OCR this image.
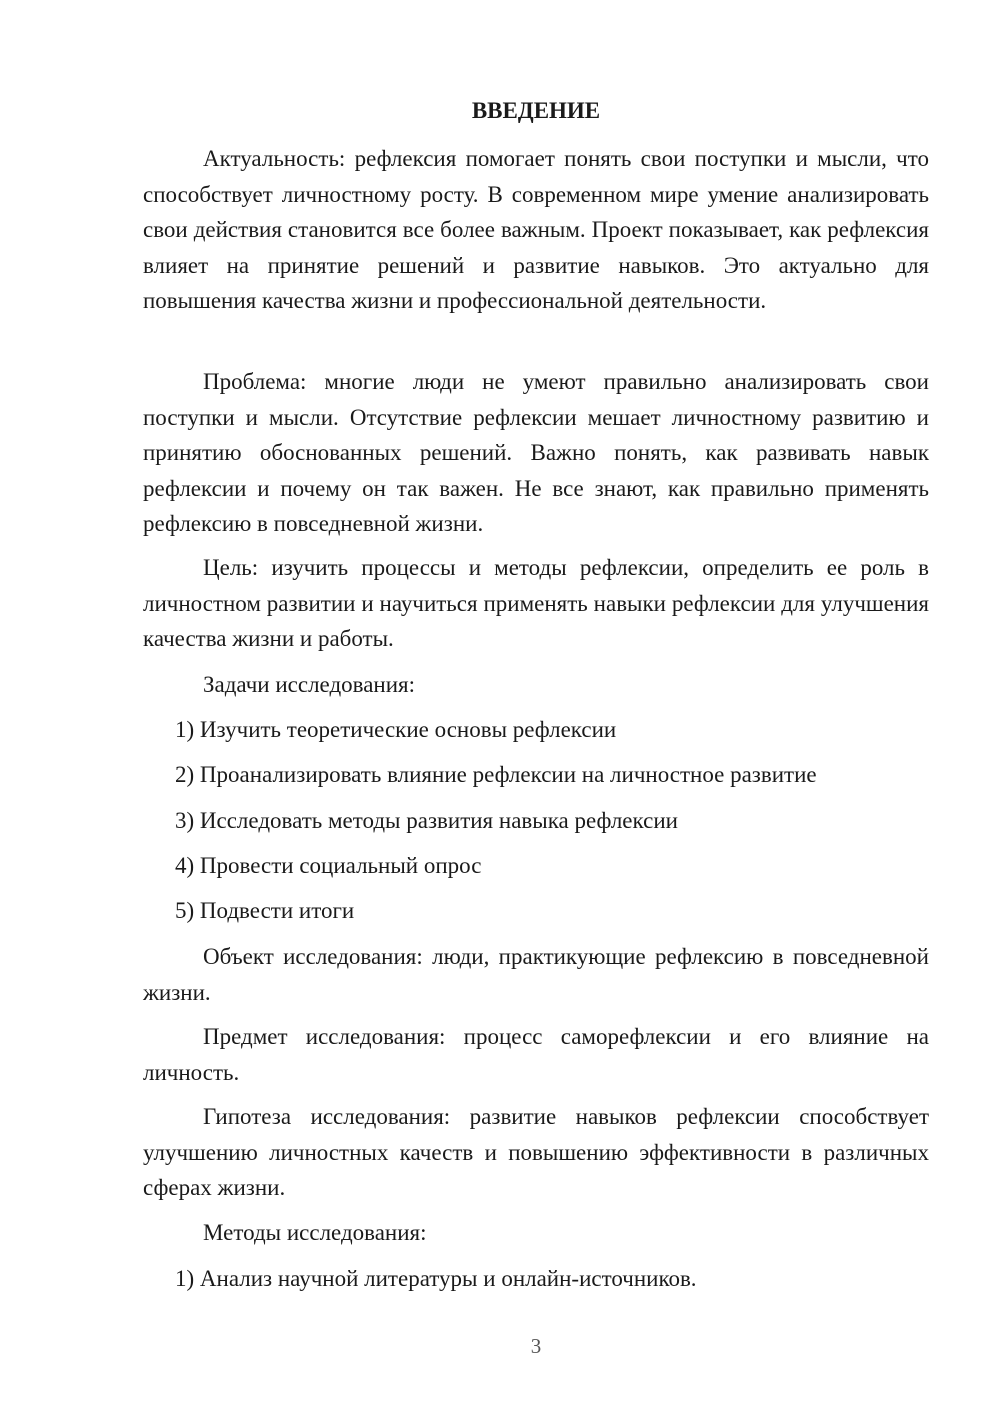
ВВЕДЕНИЕ

Актуальность: рефлексия помогает понять свои поступки и мысли, что способствует личностному росту. В современном мире умение анализировать свои действия становится все более важным. Проект показывает, как рефлексия влияет на принятие решений и развитие навыков. Это актуально для повышения качества жизни и профессиональной деятельности.

Проблема: многие люди не умеют правильно анализировать свои поступки и мысли. Отсутствие рефлексии мешает личностному развитию и принятию обоснованных решений. Важно понять, как развивать навык рефлексии и почему он так важен. Не все знают, как правильно применять рефлексию в повседневной жизни.

Цель: изучить процессы и методы рефлексии, определить ее роль в личностном развитии и научиться применять навыки рефлексии для улучшения качества жизни и работы.

Задачи исследования:

1) Изучить теоретические основы рефлексии

2) Проанализировать влияние рефлексии на личностное развитие

3) Исследовать методы развития навыка рефлексии

4) Провести социальный опрос

5) Подвести итоги

Объект исследования: люди, практикующие рефлексию в повседневной жизни.

Предмет исследования: процесс саморефлексии и его влияние на личность.

Гипотеза исследования: развитие навыков рефлексии способствует улучшению личностных качеств и повышению эффективности в различных сферах жизни.

Методы исследования:

1) Анализ научной литературы и онлайн-источников.

3
